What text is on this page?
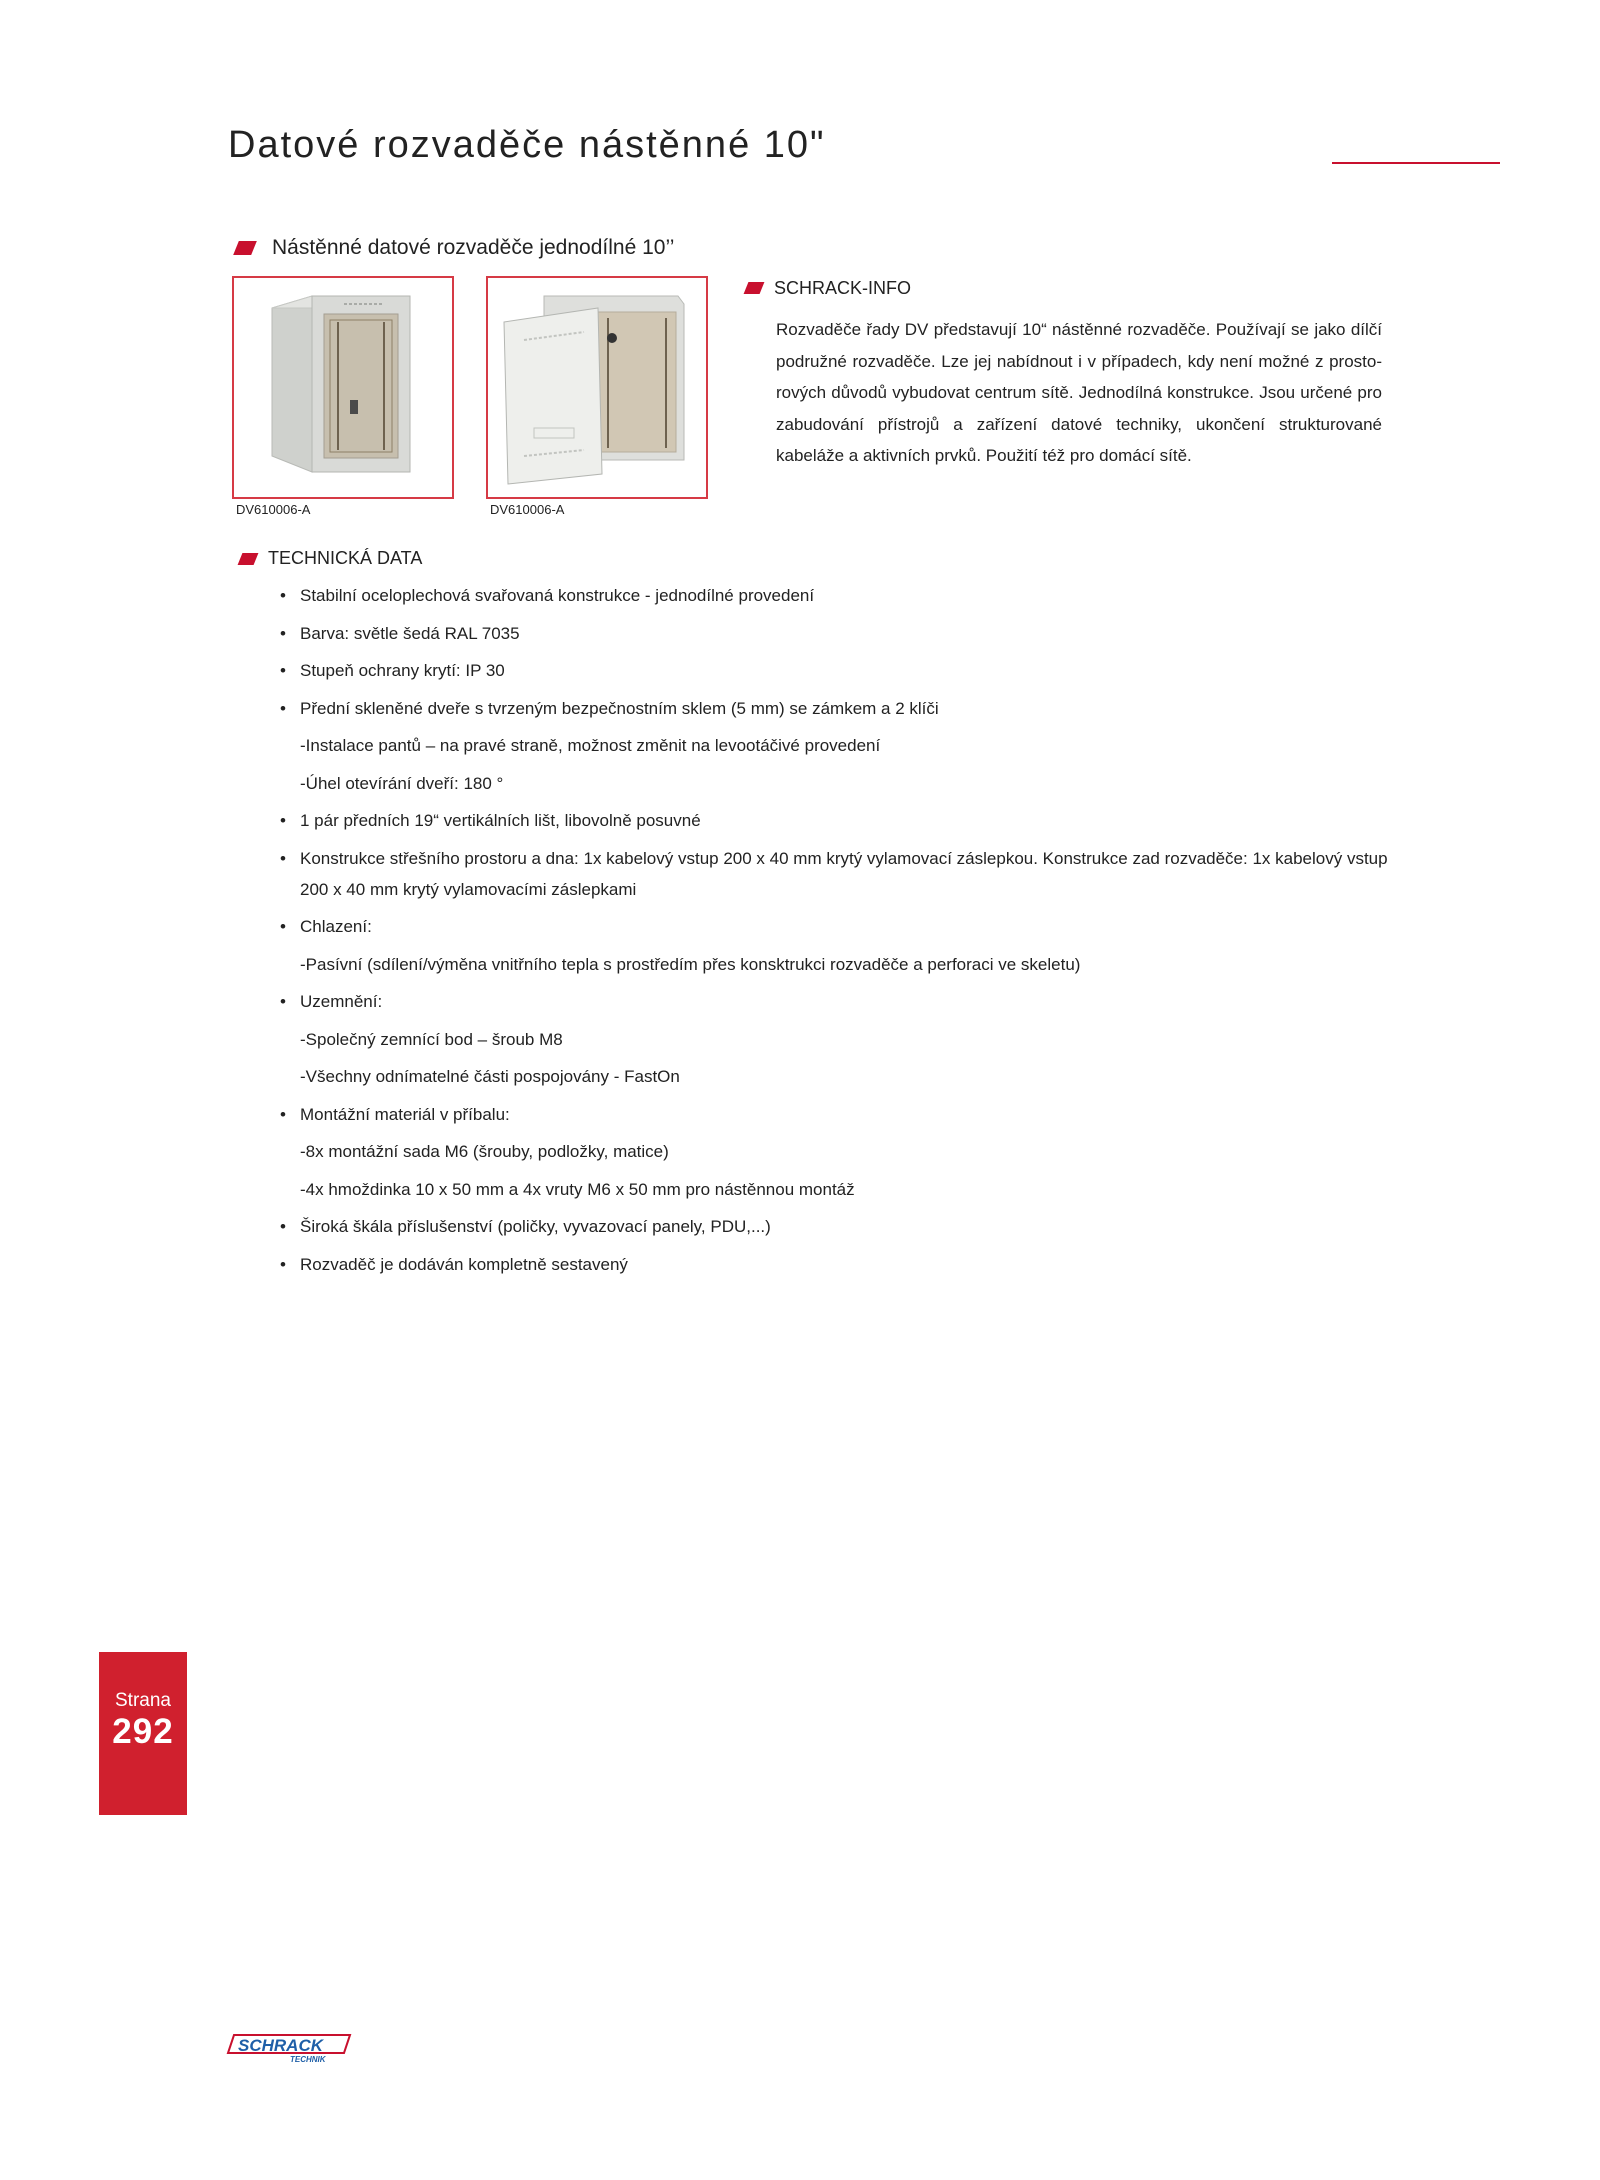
Datové rozvaděče nástěnné 10"
Nástěnné datové rozvaděče jednodílné 10’’
DV610006-A	DV610006-A
SCHRACK-INFO

Rozvaděče řady DV představují 10“ nástěnné rozvaděče. Používají se jako dílčí podružné rozvaděče. Lze jej nabídnout i v případech, kdy není možné z prosto-rových důvodů vybudovat centrum sítě. Jednodílná konstrukce. Jsou určené pro zabudování přístrojů a zařízení datové techniky, ukončení strukturované kabeláže a aktivních prvků. Použití též pro domácí sítě.

TECHNICKÁ DATA
• Stabilní oceloplechová svařovaná konstrukce - jednodílné provedení
• Barva: světle šedá RAL 7035
• Stupeň ochrany krytí: IP 30
• Přední skleněné dveře s tvrzeným bezpečnostním sklem (5 mm) se zámkem a 2 klíči
-Instalace pantů – na pravé straně, možnost změnit na levootáčivé provedení
-Úhel otevírání dveří: 180 °
• 1 pár předních 19“ vertikálních lišt, libovolně posuvné
• Konstrukce střešního prostoru a dna: 1x kabelový vstup 200 x 40 mm krytý vylamovací záslepkou. Konstrukce zad rozvaděče: 1x kabelový vstup 200 x 40 mm krytý vylamovacími záslepkami
• Chlazení:
-Pasívní (sdílení/výměna vnitřního tepla s prostředím přes konsktrukci rozvaděče a perforaci ve skeletu)
• Uzemnění:
-Společný zemnící bod – šroub M8
-Všechny odnímatelné části pospojovány - FastOn
• Montážní materiál v příbalu:
-8x montážní sada M6 (šrouby, podložky, matice)
-4x hmoždinka 10 x 50 mm a 4x vruty M6 x 50 mm pro nástěnnou montáž
• Široká škála příslušenství (poličky, vyvazovací panely, PDU,...)
• Rozvaděč je dodáván kompletně sestavený
Strana
292
SCHRACK
TECHNIK
